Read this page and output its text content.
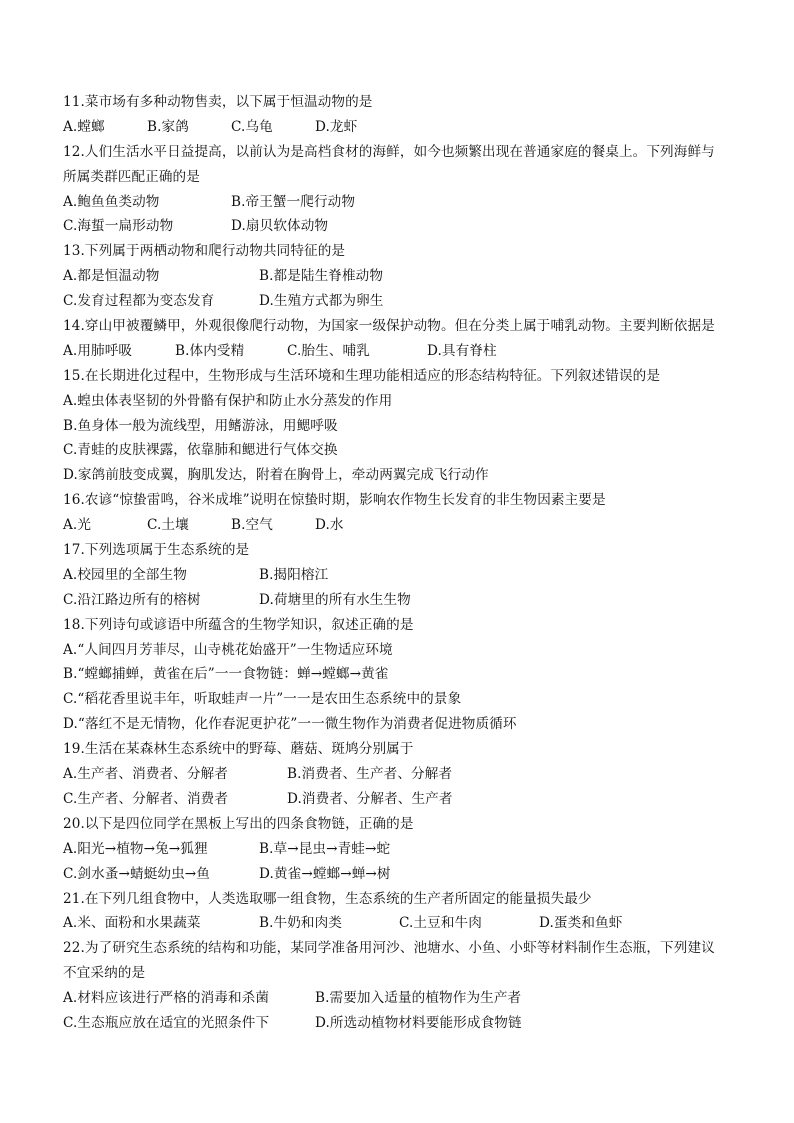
11.菜市场有多种动物售卖，以下属于恒温动物的是
A.螳螂	B.家鸽	C.乌龟	D.龙虾
12.人们生活水平日益提高，以前认为是高档食材的海鲜，如今也频繁出现在普通家庭的餐桌上。下列海鲜与
所属类群匹配正确的是
A.鲍鱼鱼类动物	B.帝王蟹一爬行动物
C.海蜇一扁形动物	D.扇贝软体动物
13.下列属于两栖动物和爬行动物共同特征的是
A.都是恒温动物	B.都是陆生脊椎动物
C.发育过程都为变态发育	D.生殖方式都为卵生
14.穿山甲被覆鳞甲，外观很像爬行动物，为国家一级保护动物。但在分类上属于哺乳动物。主要判断依据是
A.用肺呼吸	B.体内受精	C.胎生、哺乳	D.具有脊柱
15.在长期进化过程中，生物形成与生活环境和生理功能相适应的形态结构特征。下列叙述错误的是
A.蝗虫体表坚韧的外骨骼有保护和防止水分蒸发的作用
B.鱼身体一般为流线型，用鳍游泳，用鳃呼吸
C.青蛙的皮肤裸露，依靠肺和鳃进行气体交换
D.家鸽前肢变成翼，胸肌发达，附着在胸骨上，牵动两翼完成飞行动作
16.农谚“惊蛰雷鸣，谷米成堆”说明在惊蛰时期，影响农作物生长发育的非生物因素主要是
A.光	C.土壤	B.空气	D.水
17.下列选项属于生态系统的是
A.校园里的全部生物	B.揭阳榕江
C.沿江路边所有的榕树	D.荷塘里的所有水生生物
18.下列诗句或谚语中所蕴含的生物学知识，叙述正确的是
A.“人间四月芳菲尽，山寺桃花始盛开”一生物适应环境
B.“螳螂捕蝉，黄雀在后”一一食物链：蝉→螳螂→黄雀
C.“稻花香里说丰年，听取蛙声一片”一一是农田生态系统中的景象
D.“落红不是无情物，化作春泥更护花”一一微生物作为消费者促进物质循环
19.生活在某森林生态系统中的野莓、蘑菇、斑鸠分别属于
A.生产者、消费者、分解者	B.消费者、生产者、分解者
C.生产者、分解者、消费者	D.消费者、分解者、生产者
20.以下是四位同学在黑板上写出的四条食物链，正确的是
A.阳光→植物→兔→狐狸	B.草→昆虫→青蛙→蛇
C.剑水蚤→蜻蜓幼虫→鱼	D.黄雀→螳螂→蝉→树
21.在下列几组食物中，人类选取哪一组食物，生态系统的生产者所固定的能量损失最少
A.米、面粉和水果蔬菜	B.牛奶和肉类	C.土豆和牛肉	D.蛋类和鱼虾
22.为了研究生态系统的结构和功能，某同学准备用河沙、池塘水、小鱼、小虾等材料制作生态瓶，下列建议
不宜采纳的是
A.材料应该进行严格的消毒和杀菌	B.需要加入适量的植物作为生产者
C.生态瓶应放在适宜的光照条件下	D.所选动植物材料要能形成食物链
